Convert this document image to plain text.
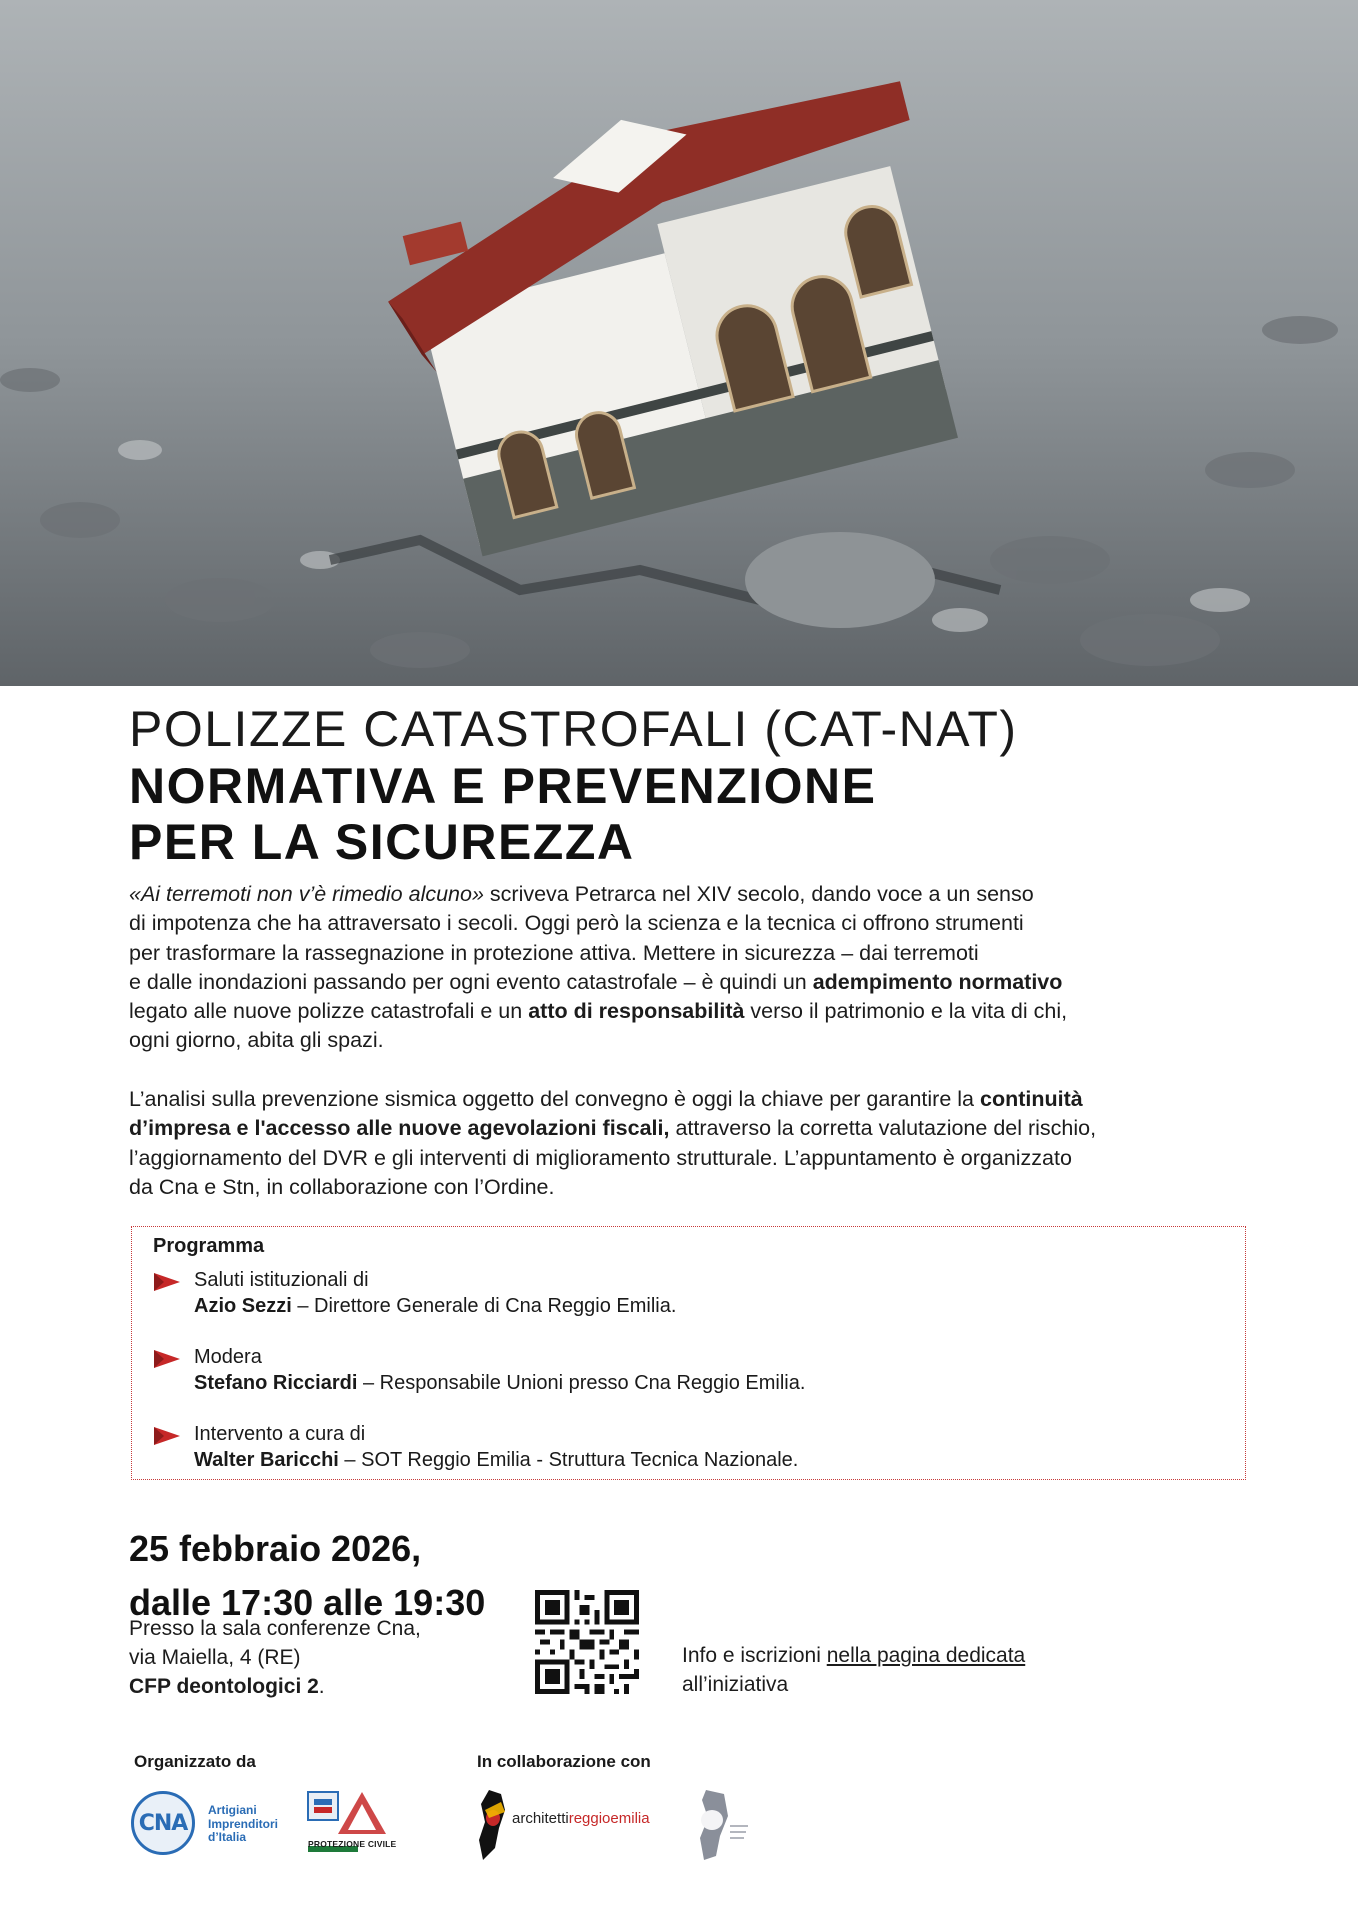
POLIZZE CATASTROFALI (CAT-NAT)
NORMATIVA E PREVENZIONE
PER LA SICUREZZA
«Ai terremoti non v’è rimedio alcuno» scriveva Petrarca nel XIV secolo, dando voce a un senso
di impotenza che ha attraversato i secoli. Oggi però la scienza e la tecnica ci offrono strumenti
per trasformare la rassegnazione in protezione attiva. Mettere in sicurezza – dai terremoti
e dalle inondazioni passando per ogni evento catastrofale – è quindi un adempimento normativo
legato alle nuove polizze catastrofali e un atto di responsabilità verso il patrimonio e la vita di chi,
ogni giorno, abita gli spazi.
L’analisi sulla prevenzione sismica oggetto del convegno è oggi la chiave per garantire la continuità
d’impresa e l'accesso alle nuove agevolazioni fiscali, attraverso la corretta valutazione del rischio,
l’aggiornamento del DVR e gli interventi di miglioramento strutturale. L’appuntamento è organizzato
da Cna e Stn, in collaborazione con l’Ordine.
Programma
Saluti istituzionali di
Azio Sezzi – Direttore Generale di Cna Reggio Emilia.
Modera
Stefano Ricciardi – Responsabile Unioni presso Cna Reggio Emilia.
Intervento a cura di
Walter Baricchi – SOT Reggio Emilia - Struttura Tecnica Nazionale.
25 febbraio 2026,
dalle 17:30 alle 19:30
Presso la sala conferenze Cna,
via Maiella, 4 (RE)
CFP deontologici 2.
Info e iscrizioni nella pagina dedicata
all’iniziativa
Organizzato da	In collaborazione con
CNA
Artigiani
Imprenditori
d’Italia	PROTEZIONE CIVILE
architettireggioemilia
